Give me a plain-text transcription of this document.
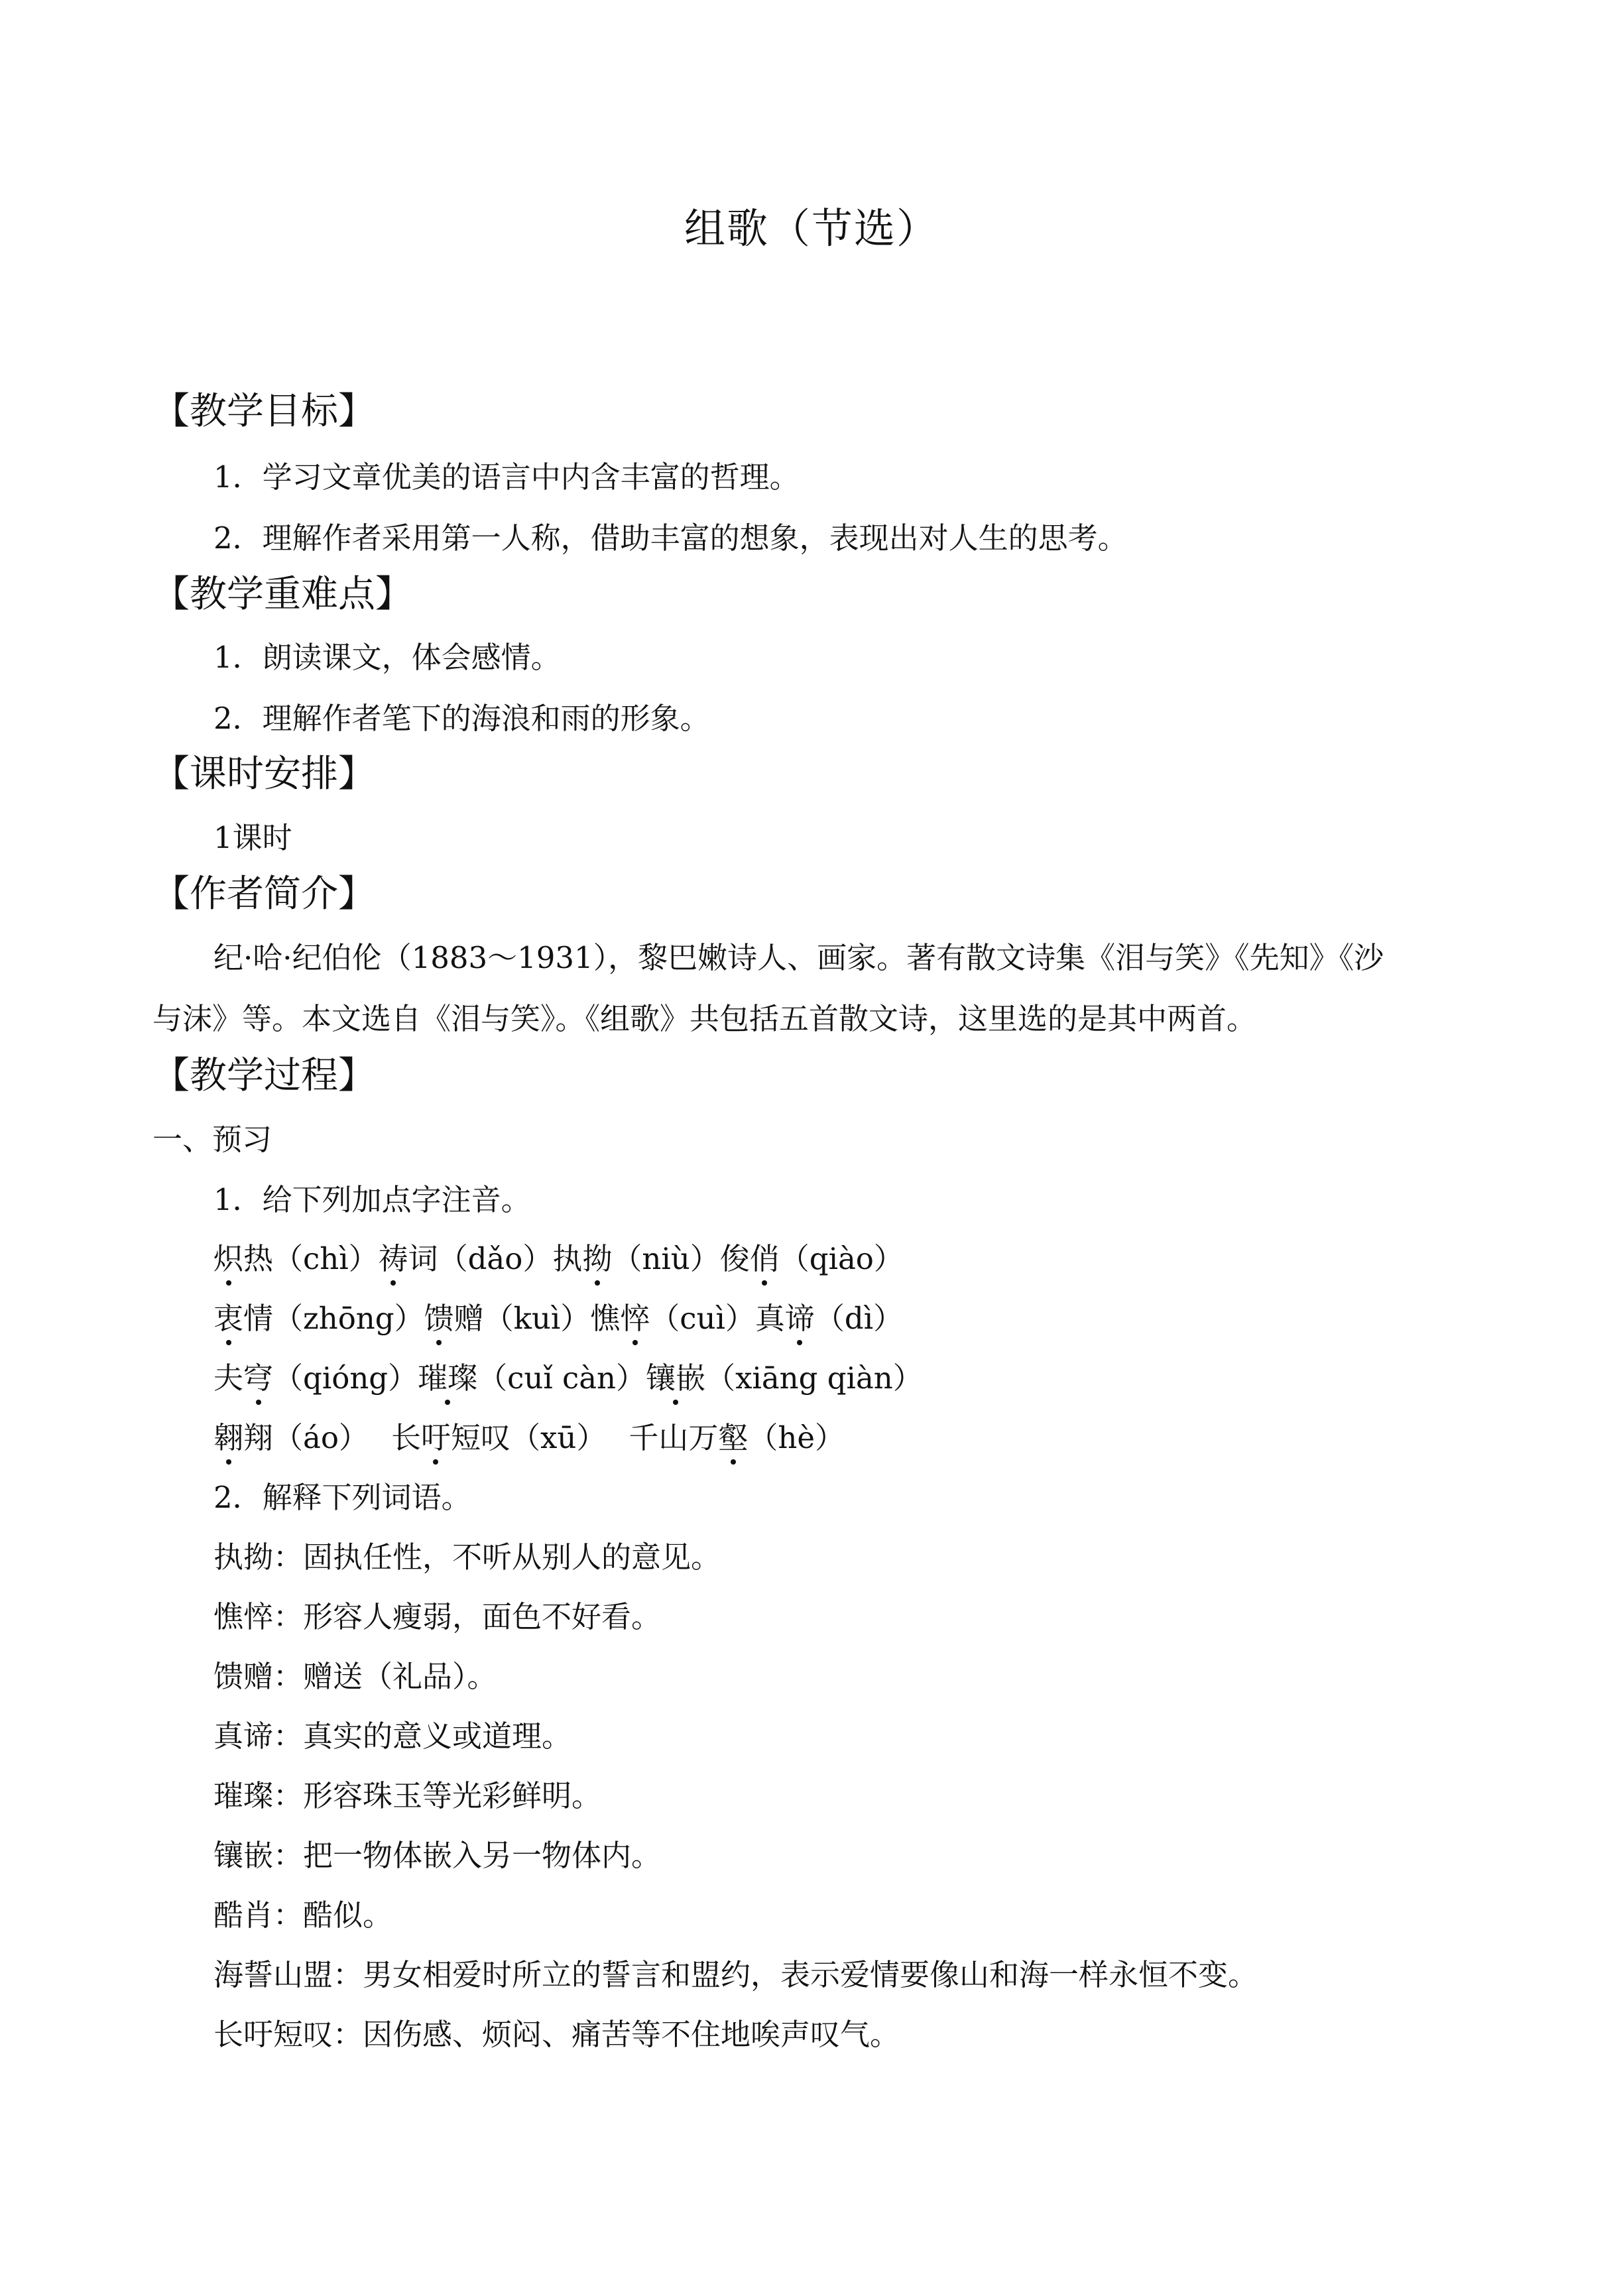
组歌（节选）
【教学目标】
1．学习文章优美的语言中内含丰富的哲理。
2．理解作者采用第一人称，借助丰富的想象，表现出对人生的思考。
【教学重难点】
1．朗读课文，体会感情。
2．理解作者笔下的海浪和雨的形象。
【课时安排】
1课时
【作者简介】
纪·哈·纪伯伦（1883～1931），黎巴嫩诗人、画家。著有散文诗集《泪与笑》《先知》《沙
与沫》等。本文选自《泪与笑》。《组歌》共包括五首散文诗，这里选的是其中两首。
【教学过程】
一、预习
1．给下列加点字注音。
炽热（chì）祷词（dǎo）执拗（niù）俊俏（qiào）
衷情（zhōng）馈赠（kuì）憔悴（cuì）真谛（dì）
夫穹（qióng）璀璨（cuǐ càn）镶嵌（xiāng qiàn）
翱翔（áo） 长吁短叹（xū） 千山万壑（hè）
2．解释下列词语。
执拗：固执任性，不听从别人的意见。
憔悴：形容人瘦弱，面色不好看。
馈赠：赠送（礼品）。
真谛：真实的意义或道理。
璀璨：形容珠玉等光彩鲜明。
镶嵌：把一物体嵌入另一物体内。
酷肖：酷似。
海誓山盟：男女相爱时所立的誓言和盟约，表示爱情要像山和海一样永恒不变。
长吁短叹：因伤感、烦闷、痛苦等不住地唉声叹气。
